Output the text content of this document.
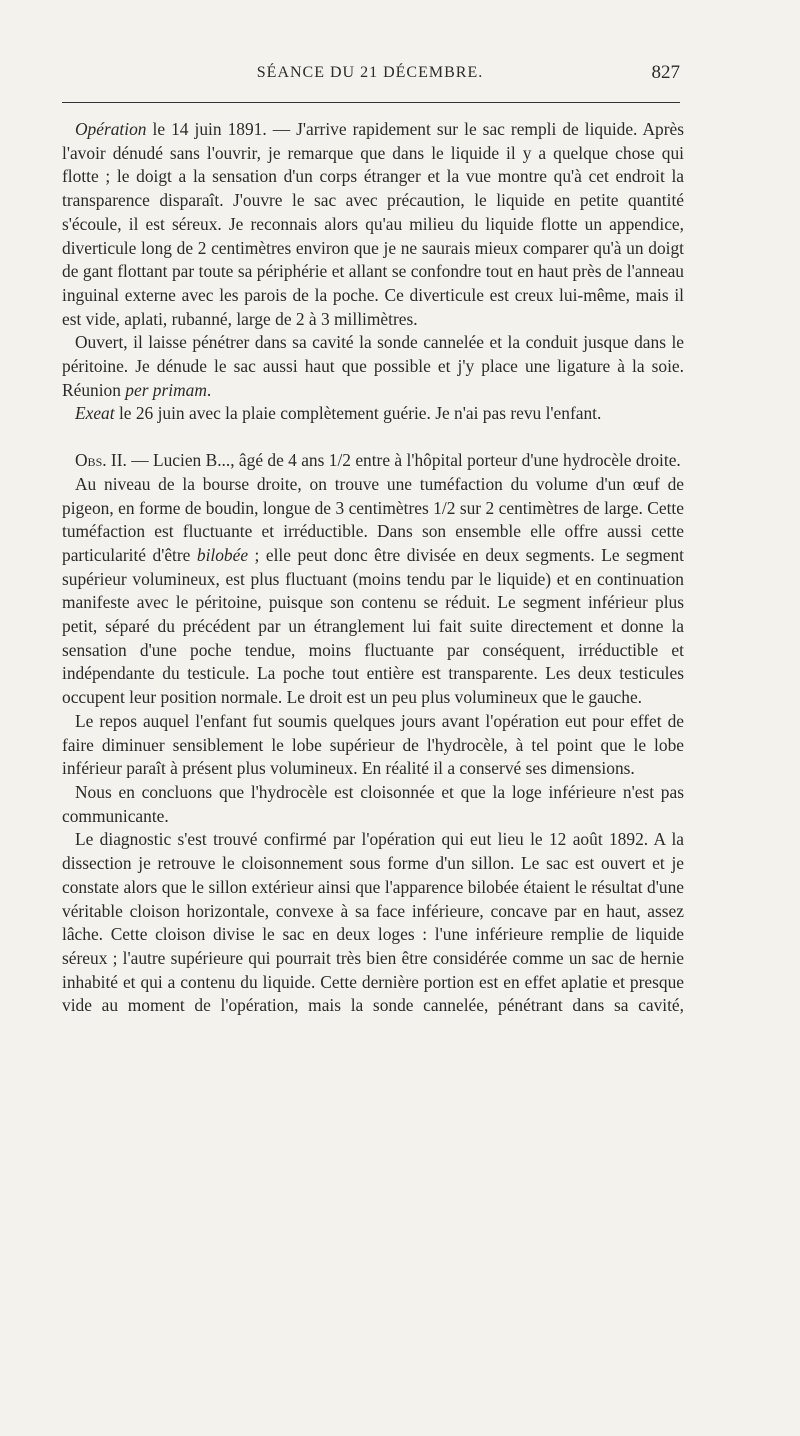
SÉANCE DU 21 DÉCEMBRE.	827

Opération le 14 juin 1891. — J'arrive rapidement sur le sac rempli de liquide. Après l'avoir dénudé sans l'ouvrir, je remarque que dans le liquide il y a quelque chose qui flotte ; le doigt a la sensation d'un corps étranger et la vue montre qu'à cet endroit la transparence disparaît. J'ouvre le sac avec précaution, le liquide en petite quantité s'écoule, il est séreux. Je reconnais alors qu'au milieu du liquide flotte un appendice, diverticule long de 2 centimètres environ que je ne saurais mieux comparer qu'à un doigt de gant flottant par toute sa périphérie et allant se confondre tout en haut près de l'anneau inguinal externe avec les parois de la poche. Ce diverticule est creux lui-même, mais il est vide, aplati, rubanné, large de 2 à 3 millimètres.

Ouvert, il laisse pénétrer dans sa cavité la sonde cannelée et la conduit jusque dans le péritoine. Je dénude le sac aussi haut que possible et j'y place une ligature à la soie. Réunion per primam.

Exeat le 26 juin avec la plaie complètement guérie. Je n'ai pas revu l'enfant.

Obs. II. — Lucien B..., âgé de 4 ans 1/2 entre à l'hôpital porteur d'une hydrocèle droite.

Au niveau de la bourse droite, on trouve une tuméfaction du volume d'un œuf de pigeon, en forme de boudin, longue de 3 centimètres 1/2 sur 2 centimètres de large. Cette tuméfaction est fluctuante et irréductible. Dans son ensemble elle offre aussi cette particularité d'être bilobée ; elle peut donc être divisée en deux segments. Le segment supérieur volumineux, est plus fluctuant (moins tendu par le liquide) et en continuation manifeste avec le péritoine, puisque son contenu se réduit. Le segment inférieur plus petit, séparé du précédent par un étranglement lui fait suite directement et donne la sensation d'une poche tendue, moins fluctuante par conséquent, irréductible et indépendante du testicule. La poche tout entière est transparente. Les deux testicules occupent leur position normale. Le droit est un peu plus volumineux que le gauche.

Le repos auquel l'enfant fut soumis quelques jours avant l'opération eut pour effet de faire diminuer sensiblement le lobe supérieur de l'hydrocèle, à tel point que le lobe inférieur paraît à présent plus volumineux. En réalité il a conservé ses dimensions.

Nous en concluons que l'hydrocèle est cloisonnée et que la loge inférieure n'est pas communicante.

Le diagnostic s'est trouvé confirmé par l'opération qui eut lieu le 12 août 1892. A la dissection je retrouve le cloisonnement sous forme d'un sillon. Le sac est ouvert et je constate alors que le sillon extérieur ainsi que l'apparence bilobée étaient le résultat d'une véritable cloison horizontale, convexe à sa face inférieure, concave par en haut, assez lâche. Cette cloison divise le sac en deux loges : l'une inférieure remplie de liquide séreux ; l'autre supérieure qui pourrait très bien être considérée comme un sac de hernie inhabité et qui a contenu du liquide. Cette dernière portion est en effet aplatie et presque vide au moment de l'opération, mais la sonde cannelée, pénétrant dans sa cavité,
